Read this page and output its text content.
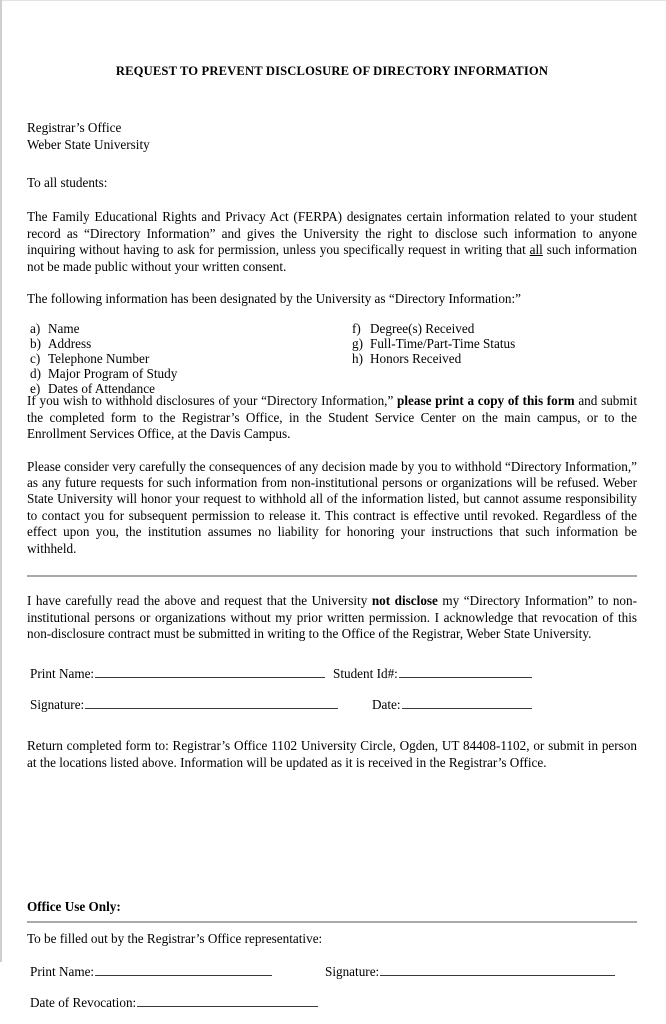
REQUEST TO PREVENT DISCLOSURE OF DIRECTORY INFORMATION
Registrar’s Office
Weber State University

To all students:

The Family Educational Rights and Privacy Act (FERPA) designates certain information related to your student record as “Directory Information” and gives the University the right to disclose such information to anyone inquiring without having to ask for permission, unless you specifically request in writing that all such information not be made public without your written consent.

The following information has been designated by the University as “Directory Information:”

a) Name
b) Address
c) Telephone Number
d) Major Program of Study
e) Dates of Attendance
f) Degree(s) Received
g) Full-Time/Part-Time Status
h) Honors Received

If you wish to withhold disclosures of your “Directory Information,” please print a copy of this form and submit the completed form to the Registrar’s Office, in the Student Service Center on the main campus, or to the Enrollment Services Office, at the Davis Campus.

Please consider very carefully the consequences of any decision made by you to withhold “Directory Information,” as any future requests for such information from non-institutional persons or organizations will be refused. Weber State University will honor your request to withhold all of the information listed, but cannot assume responsibility to contact you for subsequent permission to release it. This contract is effective until revoked. Regardless of the effect upon you, the institution assumes no liability for honoring your instructions that such information be withheld.

I have carefully read the above and request that the University not disclose my “Directory Information” to non-institutional persons or organizations without my prior written permission. I acknowledge that revocation of this non-disclosure contract must be submitted in writing to the Office of the Registrar, Weber State University.

Print Name:	Student Id#:
Signature:	Date:

Return completed form to: Registrar’s Office 1102 University Circle, Ogden, UT 84408-1102, or submit in person at the locations listed above. Information will be updated as it is received in the Registrar’s Office.

Office Use Only:

To be filled out by the Registrar’s Office representative:

Print Name:	Signature:
Date of Revocation:
